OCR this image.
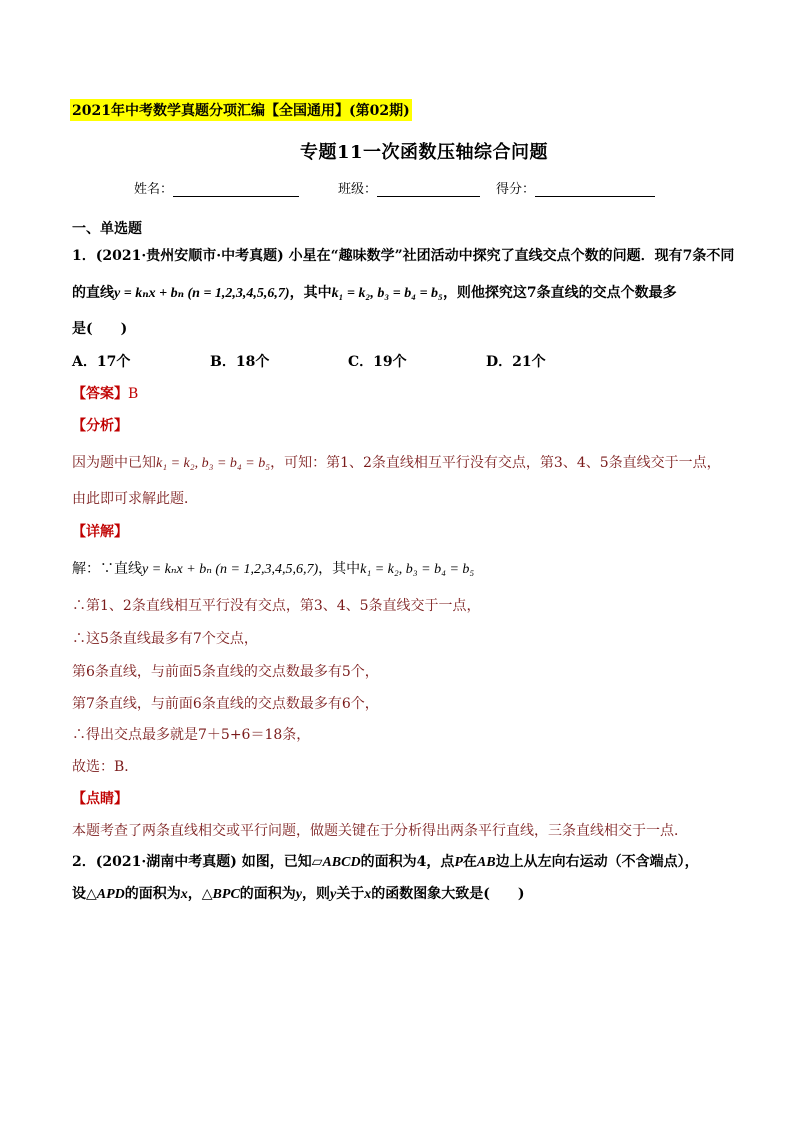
2021年中考数学真题分项汇编【全国通用】(第02期)
专题11一次函数压轴综合问题
姓名：	班级：	得分：
一、单选题
1．(2021·贵州安顺市·中考真题) 小星在“趣味数学”社团活动中探究了直线交点个数的问题．现有7条不同
的直线y = kₙx + bₙ (n = 1,2,3,4,5,6,7)，其中k₁ = k₂, b₃ = b₄ = b₅，则他探究这7条直线的交点个数最多
是(　　)
A．17个	B．18个	C．19个	D．21个
【答案】B
【分析】
因为题中已知k₁ = k₂, b₃ = b₄ = b₅，可知：第1、2条直线相互平行没有交点，第3、4、5条直线交于一点，
由此即可求解此题．
【详解】
解：∵直线y = kₙx + bₙ (n = 1,2,3,4,5,6,7)，其中k₁ = k₂, b₃ = b₄ = b₅
∴第1、2条直线相互平行没有交点，第3、4、5条直线交于一点，
∴这5条直线最多有7个交点，
第6条直线，与前面5条直线的交点数最多有5个，
第7条直线，与前面6条直线的交点数最多有6个，
∴得出交点最多就是7＋5+6＝18条，
故选：B．
【点睛】
本题考查了两条直线相交或平行问题，做题关键在于分析得出两条平行直线，三条直线相交于一点．
2．(2021·湖南中考真题) 如图，已知▱ABCD的面积为4，点P在AB边上从左向右运动（不含端点），
设△APD的面积为x，△BPC的面积为y，则y关于x的函数图象大致是(　　)
